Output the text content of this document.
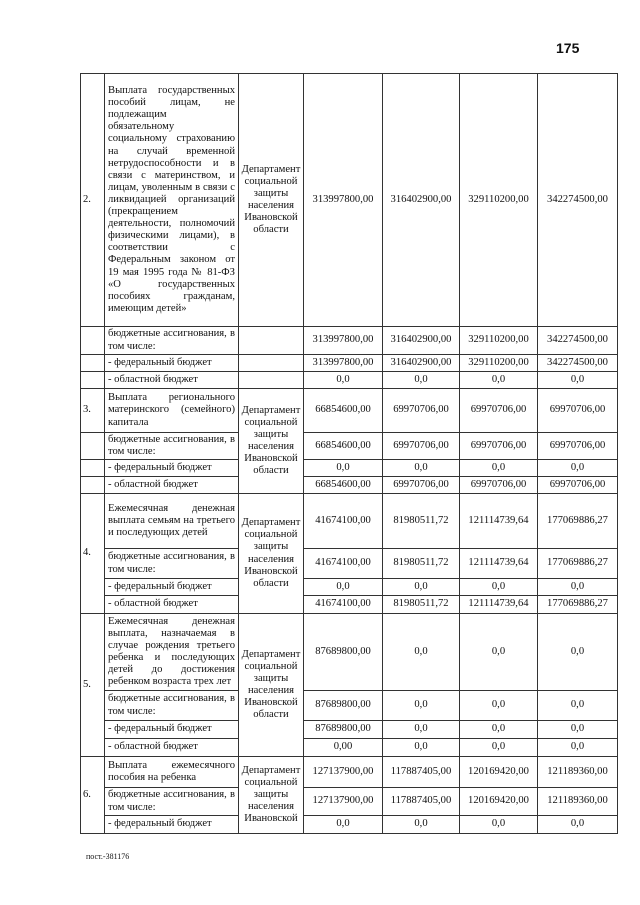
175
2.	Выплата государственных пособий лицам, не подлежащим обязательному социальному страхованию на случай временной нетрудоспособности и в связи с материнством, и лицам, уволенным в связи с ликвидацией организаций (прекращением деятельности, полномочий физическими лицами), в соответствии с Федеральным законом от 19 мая 1995 года № 81-ФЗ «О государственных пособиях гражданам, имеющим детей»	Департамент социальной защиты населения Ивановской области	313997800,00	316402900,00	329110200,00	342274500,00
	бюджетные ассигнования, в том числе:		313997800,00	316402900,00	329110200,00	342274500,00
	- федеральный бюджет		313997800,00	316402900,00	329110200,00	342274500,00
	- областной бюджет		0,0	0,0	0,0	0,0
3.	Выплата регионального материнского (семейного) капитала	Департамент социальной защиты населения Ивановской области	66854600,00	69970706,00	69970706,00	69970706,00
	бюджетные ассигнования, в том числе:		66854600,00	69970706,00	69970706,00	69970706,00
	- федеральный бюджет		0,0	0,0	0,0	0,0
	- областной бюджет		66854600,00	69970706,00	69970706,00	69970706,00
4.	Ежемесячная денежная выплата семьям на третьего и последующих детей	Департамент социальной защиты населения Ивановской области	41674100,00	81980511,72	121114739,64	177069886,27
	бюджетные ассигнования, в том числе:		41674100,00	81980511,72	121114739,64	177069886,27
	- федеральный бюджет		0,0	0,0	0,0	0,0
	- областной бюджет		41674100,00	81980511,72	121114739,64	177069886,27
5.	Ежемесячная денежная выплата, назначаемая в случае рождения третьего ребенка и последующих детей до достижения ребенком возраста трех лет	Департамент социальной защиты населения Ивановской области	87689800,00	0,0	0,0	0,0
	бюджетные ассигнования, в том числе:		87689800,00	0,0	0,0	0,0
	- федеральный бюджет		87689800,00	0,0	0,0	0,0
	- областной бюджет		0,00	0,0	0,0	0,0
6.	Выплата ежемесячного пособия на ребенка	Департамент социальной защиты населения Ивановской	127137900,00	117887405,00	120169420,00	121189360,00
	бюджетные ассигнования, в том числе:		127137900,00	117887405,00	120169420,00	121189360,00
	- федеральный бюджет		0,0	0,0	0,0	0,0
пост.-381176
